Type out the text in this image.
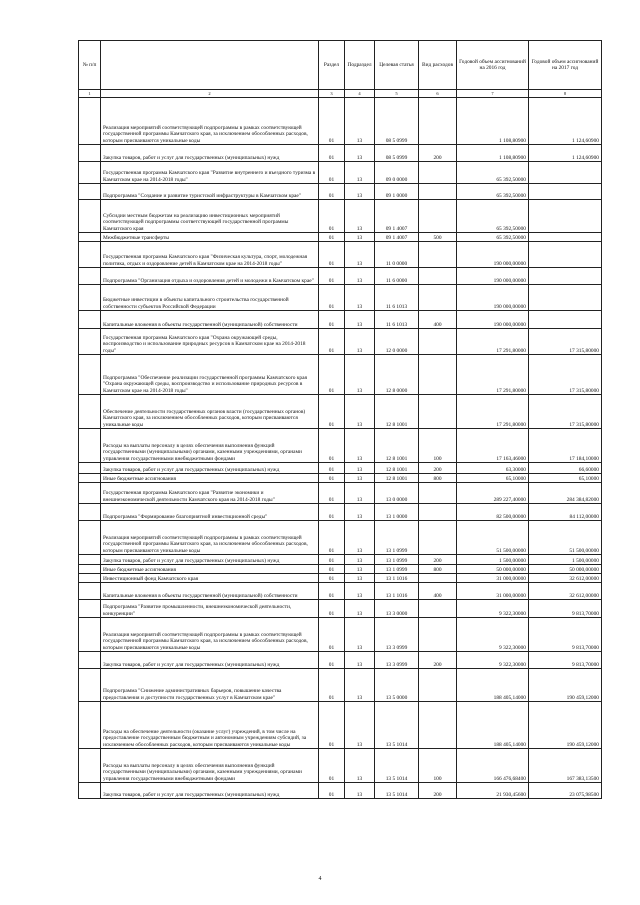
№ п/п		Раздел	Подраздел	Целевая статья	Вид расходов	Годовой объем ассигнований на 2016 год	Годовой объем ассигнований на 2017 год
1	2	3	4	5	6	7	8
	Реализация мероприятий соответствующей подпрограммы в рамках соответствующей государственной программы Камчатского края, за исключением обособленных расходов, которым присваиваются уникальные коды	01	13	08 5 0999		1 108,80900	1 124,60900
	Закупка товаров, работ и услуг для государственных (муниципальных) нужд	01	13	08 5 0999	200	1 108,80900	1 124,60900
	Государственная программа Камчатского края "Развитие внутреннего и въездного туризма в Камчатском крае на 2014-2018 годы"	01	13	09 0 0000		65 392,50000	
	Подпрограмма "Создание и развитие туристской инфраструктуры в Камчатском крае"	01	13	09 1 0000		65 392,50000	
	Субсидии местным бюджетам на реализацию инвестиционных мероприятий соответствующей подпрограммы соответствующей государственной программы Камчатского края	01	13	09 1 4007		65 392,50000	
	Межбюджетные трансферты	01	13	09 1 4007	500	65 392,50000	
	Государственная программа Камчатского края "Физическая культура, спорт, молодежная политика, отдых и оздоровление детей в Камчатском крае на 2014-2018 годы"	01	13	11 0 0000		190 000,00000	
	Подпрограмма "Организация отдыха и оздоровления детей и молодежи в Камчатском крае"	01	13	11 6 0000		190 000,00000	
	Бюджетные инвестиции в объекты капитального строительства государственной собственности субъектов Российской Федерации	01	13	11 6 1013		190 000,00000	
	Капитальные вложения в объекты государственной (муниципальной) собственности	01	13	11 6 1013	400	190 000,00000	
	Государственная программа Камчатского края "Охрана окружающей среды, воспроизводство и использование природных ресурсов в Камчатском крае на 2014-2018 годы"	01	13	12 0 0000		17 291,80000	17 315,80000
	Подпрограмма "Обеспечение реализации государственной программы Камчатского края "Охрана окружающей среды, воспроизводство и использование природных ресурсов в Камчатском крае на 2014-2018 годы"	01	13	12 8 0000		17 291,80000	17 315,80000
	Обеспечение деятельности государственных органов власти (государственных органов) Камчатского края, за исключением обособленных расходов, которым присваиваются уникальные коды	01	13	12 8 1001		17 291,80000	17 315,80000
	Расходы на выплаты персоналу в целях обеспечения выполнения функций государственными (муниципальными) органами, казенными учреждениями, органами управления государственными внебюджетными фондами	01	13	12 8 1001	100	17 163,46000	17 184,10000
	Закупка товаров, работ и услуг для государственных (муниципальных) нужд	01	13	12 8 1001	200	63,30000	66,60000
	Иные бюджетные ассигнования	01	13	12 8 1001	800	65,10000	65,10000
	Государственная программа Камчатского края "Развитие экономики и внешнеэкономической деятельности Камчатского края на 2014-2018 годы"	01	13	13 0 0000		289 227,40000	284 384,82000
	Подпрограмма "Формирование благоприятной инвестиционной среды"	01	13	13 1 0000		82 500,00000	84 112,00000
	Реализация мероприятий соответствующей подпрограммы в рамках соответствующей государственной программы Камчатского края, за исключением обособленных расходов, которым присваиваются уникальные коды	01	13	13 1 0999		51 500,00000	51 500,00000
	Закупка товаров, работ и услуг для государственных (муниципальных) нужд	01	13	13 1 0999	200	1 500,00000	1 500,00000
	Иные бюджетные ассигнования	01	13	13 1 0999	800	50 000,00000	50 000,00000
	Инвестиционный фонд Камчатского края	01	13	13 1 1016		31 000,00000	32 612,00000
	Капитальные вложения в объекты государственной (муниципальной) собственности	01	13	13 1 1016	400	31 000,00000	32 612,00000
	Подпрограмма "Развитие промышленности, внешнеэкономической деятельности, конкуренции"	01	13	13 3 0000		9 322,30000	9 813,70000
	Реализация мероприятий соответствующей подпрограммы в рамках соответствующей государственной программы Камчатского края, за исключением обособленных расходов, которым присваиваются уникальные коды	01	13	13 3 0999		9 322,30000	9 813,70000
	Закупка товаров, работ и услуг для государственных (муниципальных) нужд	01	13	13 3 0999	200	9 322,30000	9 813,70000
	Подпрограмма "Снижение административных барьеров, повышение качества предоставления и доступности государственных услуг в Камчатском крае"	01	13	13 5 0000		188 405,14000	190 459,12000
	Расходы на обеспечение деятельности (оказание услуг) учреждений, в том числе на предоставление государственным бюджетным и автономным учреждениям субсидий, за исключением обособленных расходов, которым присваиваются уникальные коды	01	13	13 5 1014		188 405,14000	190 459,12000
	Расходы на выплаты персоналу в целях обеспечения выполнения функций государственными (муниципальными) органами, казенными учреждениями, органами управления государственными внебюджетными фондами	01	13	13 5 1014	100	166 476,68400	167 383,13500
	Закупка товаров, работ и услуг для государственных (муниципальных) нужд	01	13	13 5 1014	200	21 930,45600	23 075,98500
4
